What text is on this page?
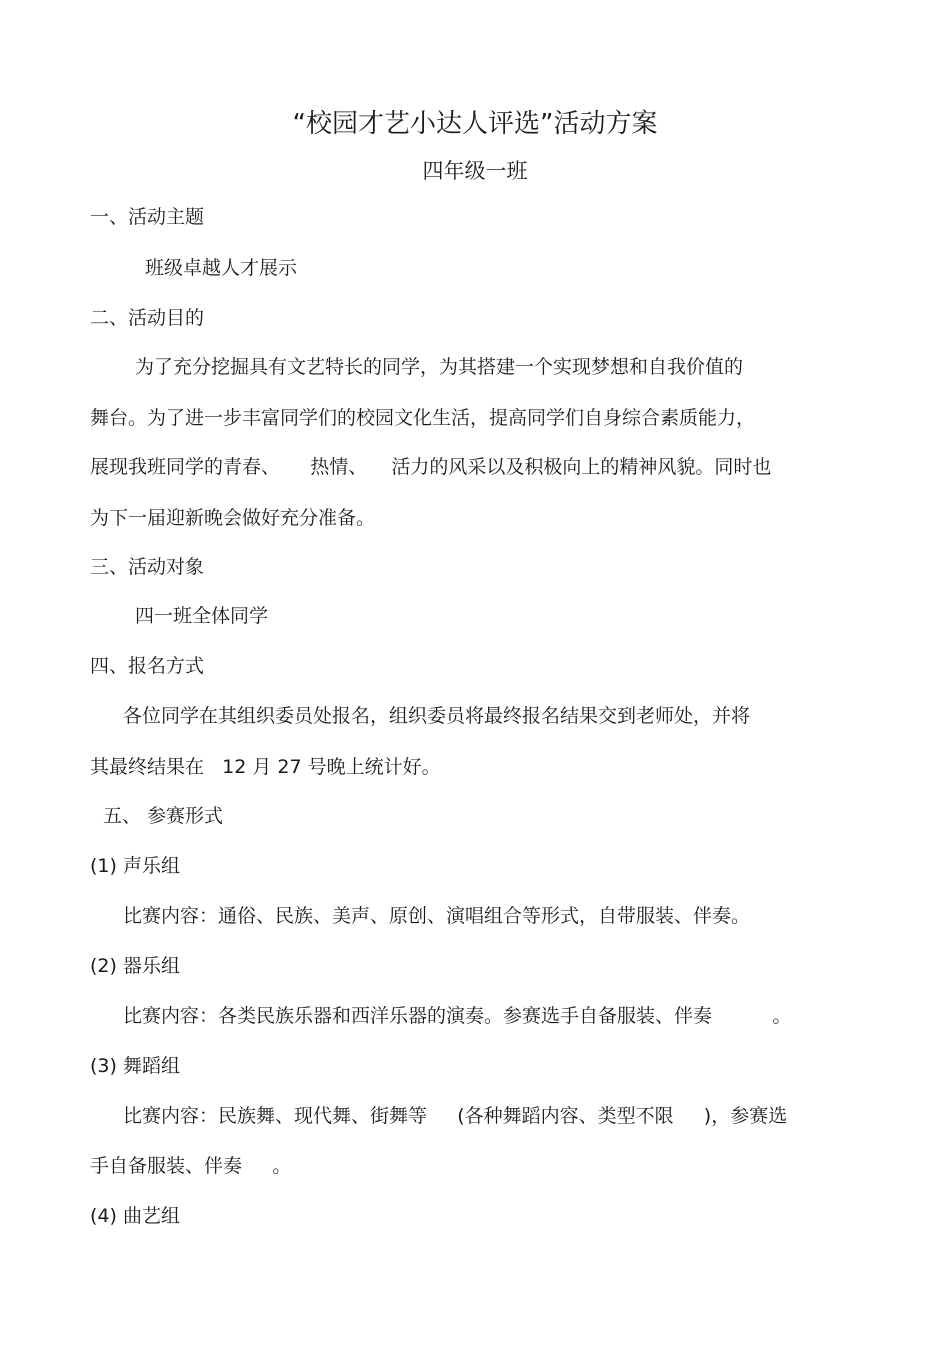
“校园才艺小达人评选”活动方案
四年级一班
一、活动主题
班级卓越人才展示
二、活动目的
为了充分挖掘具有文艺特长的同学，为其搭建一个实现梦想和自我价值的
舞台。为了进一步丰富同学们的校园文化生活，提高同学们自身综合素质能力，
展现我班同学的青春、     热情、    活力的风采以及积极向上的精神风貌。同时也
为下一届迎新晚会做好充分准备。
三、活动对象
四一班全体同学
四、报名方式
各位同学在其组织委员处报名，组织委员将最终报名结果交到老师处，并将
其最终结果在   12 月 27 号晚上统计好。
五、 参赛形式
(1) 声乐组
比赛内容：通俗、民族、美声、原创、演唱组合等形式，自带服装、伴奏。
(2) 器乐组
比赛内容：各类民族乐器和西洋乐器的演奏。参赛选手自备服装、伴奏          。
(3) 舞蹈组
比赛内容：民族舞、现代舞、街舞等     (各种舞蹈内容、类型不限     )，参赛选
手自备服装、伴奏     。
(4) 曲艺组
